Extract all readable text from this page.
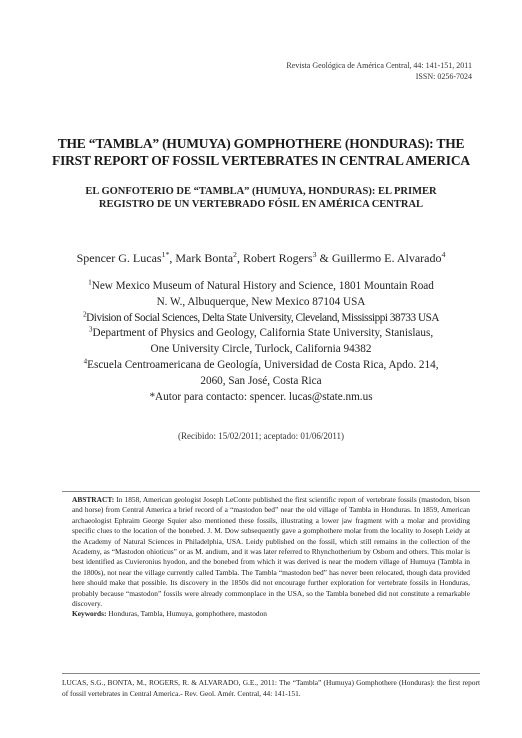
Revista Geológica de América Central, 44: 141-151, 2011
ISSN: 0256-7024
THE “TAMBLA” (HUMUYA) GOMPHOTHERE (HONDURAS): THE
FIRST REPORT OF FOSSIL VERTEBRATES IN CENTRAL AMERICA
EL GONFOTERIO DE “TAMBLA” (HUMUYA, HONDURAS): EL PRIMER
REGISTRO DE UN VERTEBRADO FÓSIL EN AMÉRICA CENTRAL
Spencer G. Lucas$^{1*}$, Mark Bonta$^2$, Robert Rogers$^3$ & Guillermo E. Alvarado$^4$
$^1$New Mexico Museum of Natural History and Science, 1801 Mountain Road
N. W., Albuquerque, New Mexico 87104 USA
$^2$Division of Social Sciences, Delta State University, Cleveland, Mississippi 38733 USA
$^3$Department of Physics and Geology, California State University, Stanislaus,
One University Circle, Turlock, California 94382
$^4$Escuela Centroamericana de Geología, Universidad de Costa Rica, Apdo. 214,
2060, San José, Costa Rica
*Autor para contacto: spencer. lucas@state.nm.us
(Recibido: 15/02/2011; aceptado: 01/06/2011)
ABSTRACT: In 1858, American geologist Joseph LeConte published the first scientific report of vertebrate fossils (mastodon, bison and horse) from Central America a brief record of a “mastodon bed” near the old village of Tambla in Honduras. In 1859, American archaeologist Ephraim George Squier also mentioned these fossils, illustrating a lower jaw fragment with a molar and providing specific clues to the location of the bonebed. J. M. Dow subsequently gave a gomphothere molar from the locality to Joseph Leidy at the Academy of Natural Sciences in Philadelphia, USA. Leidy published on the fossil, which still remains in the collection of the Academy, as “Mastodon ohioticus” or as M. andium, and it was later referred to Rhynchotherium by Osborn and others. This molar is best identified as Cuvieronius hyodon, and the bonebed from which it was derived is near the modern village of Humuya (Tambla in the 1800s), not near the village currently called Tambla. The Tambla “mastodon bed” has never been relocated, though data provided here should make that possible. Its discovery in the 1850s did not encourage further exploration for vertebrate fossils in Honduras, probably because “mastodon” fossils were already commonplace in the USA, so the Tambla bonebed did not constitute a remarkable discovery.
Keywords: Honduras, Tambla, Humuya, gomphothere, mastodon
LUCAS, S.G., BONTA, M., ROGERS, R. & ALVARADO, G.E., 2011: The “Tambla” (Humuya) Gomphothere (Honduras): the first report of fossil vertebrates in Central America.- Rev. Geol. Amér. Central, 44: 141-151.
